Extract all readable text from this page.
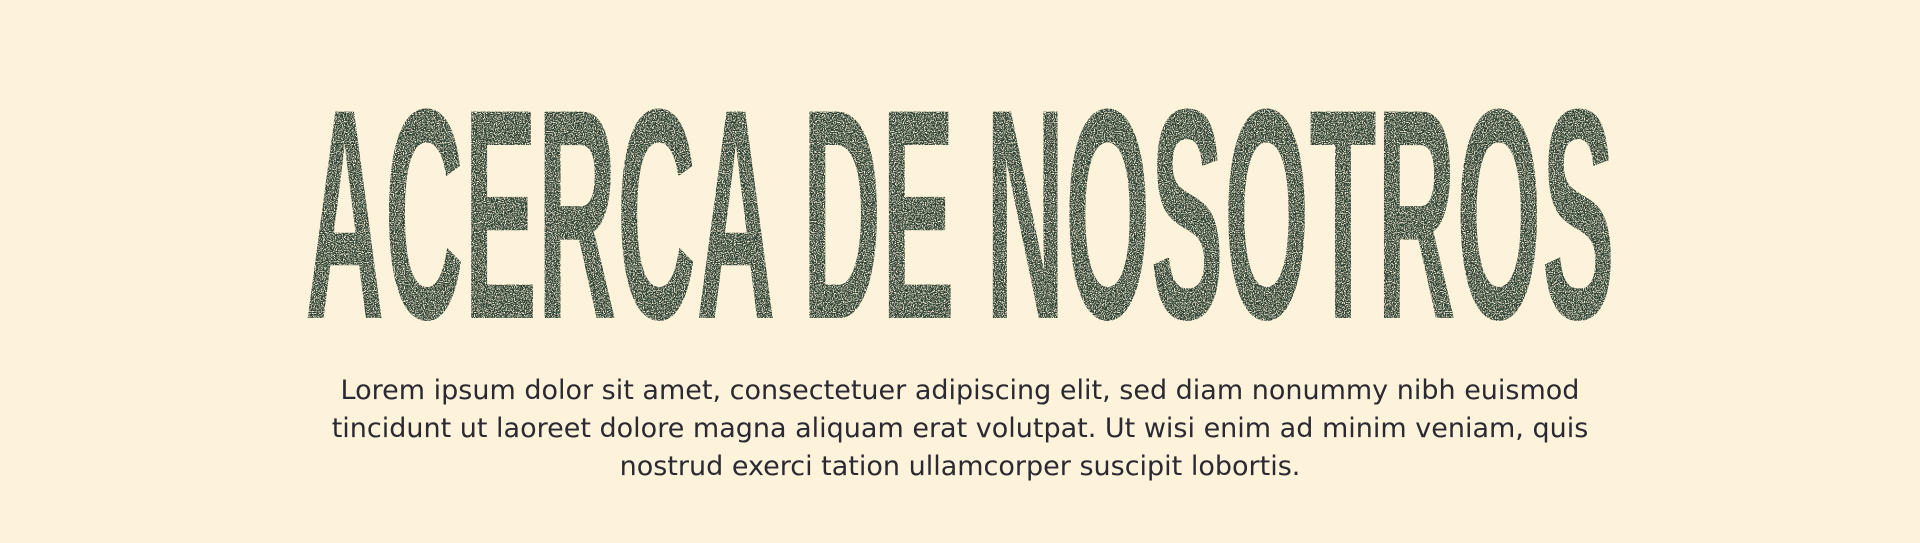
ACERCA DE NOSOTROS

Lorem ipsum dolor sit amet, consectetuer adipiscing elit, sed diam nonummy nibh euismod tincidunt ut laoreet dolore magna aliquam erat volutpat. Ut wisi enim ad minim veniam, quis nostrud exerci tation ullamcorper suscipit lobortis.
